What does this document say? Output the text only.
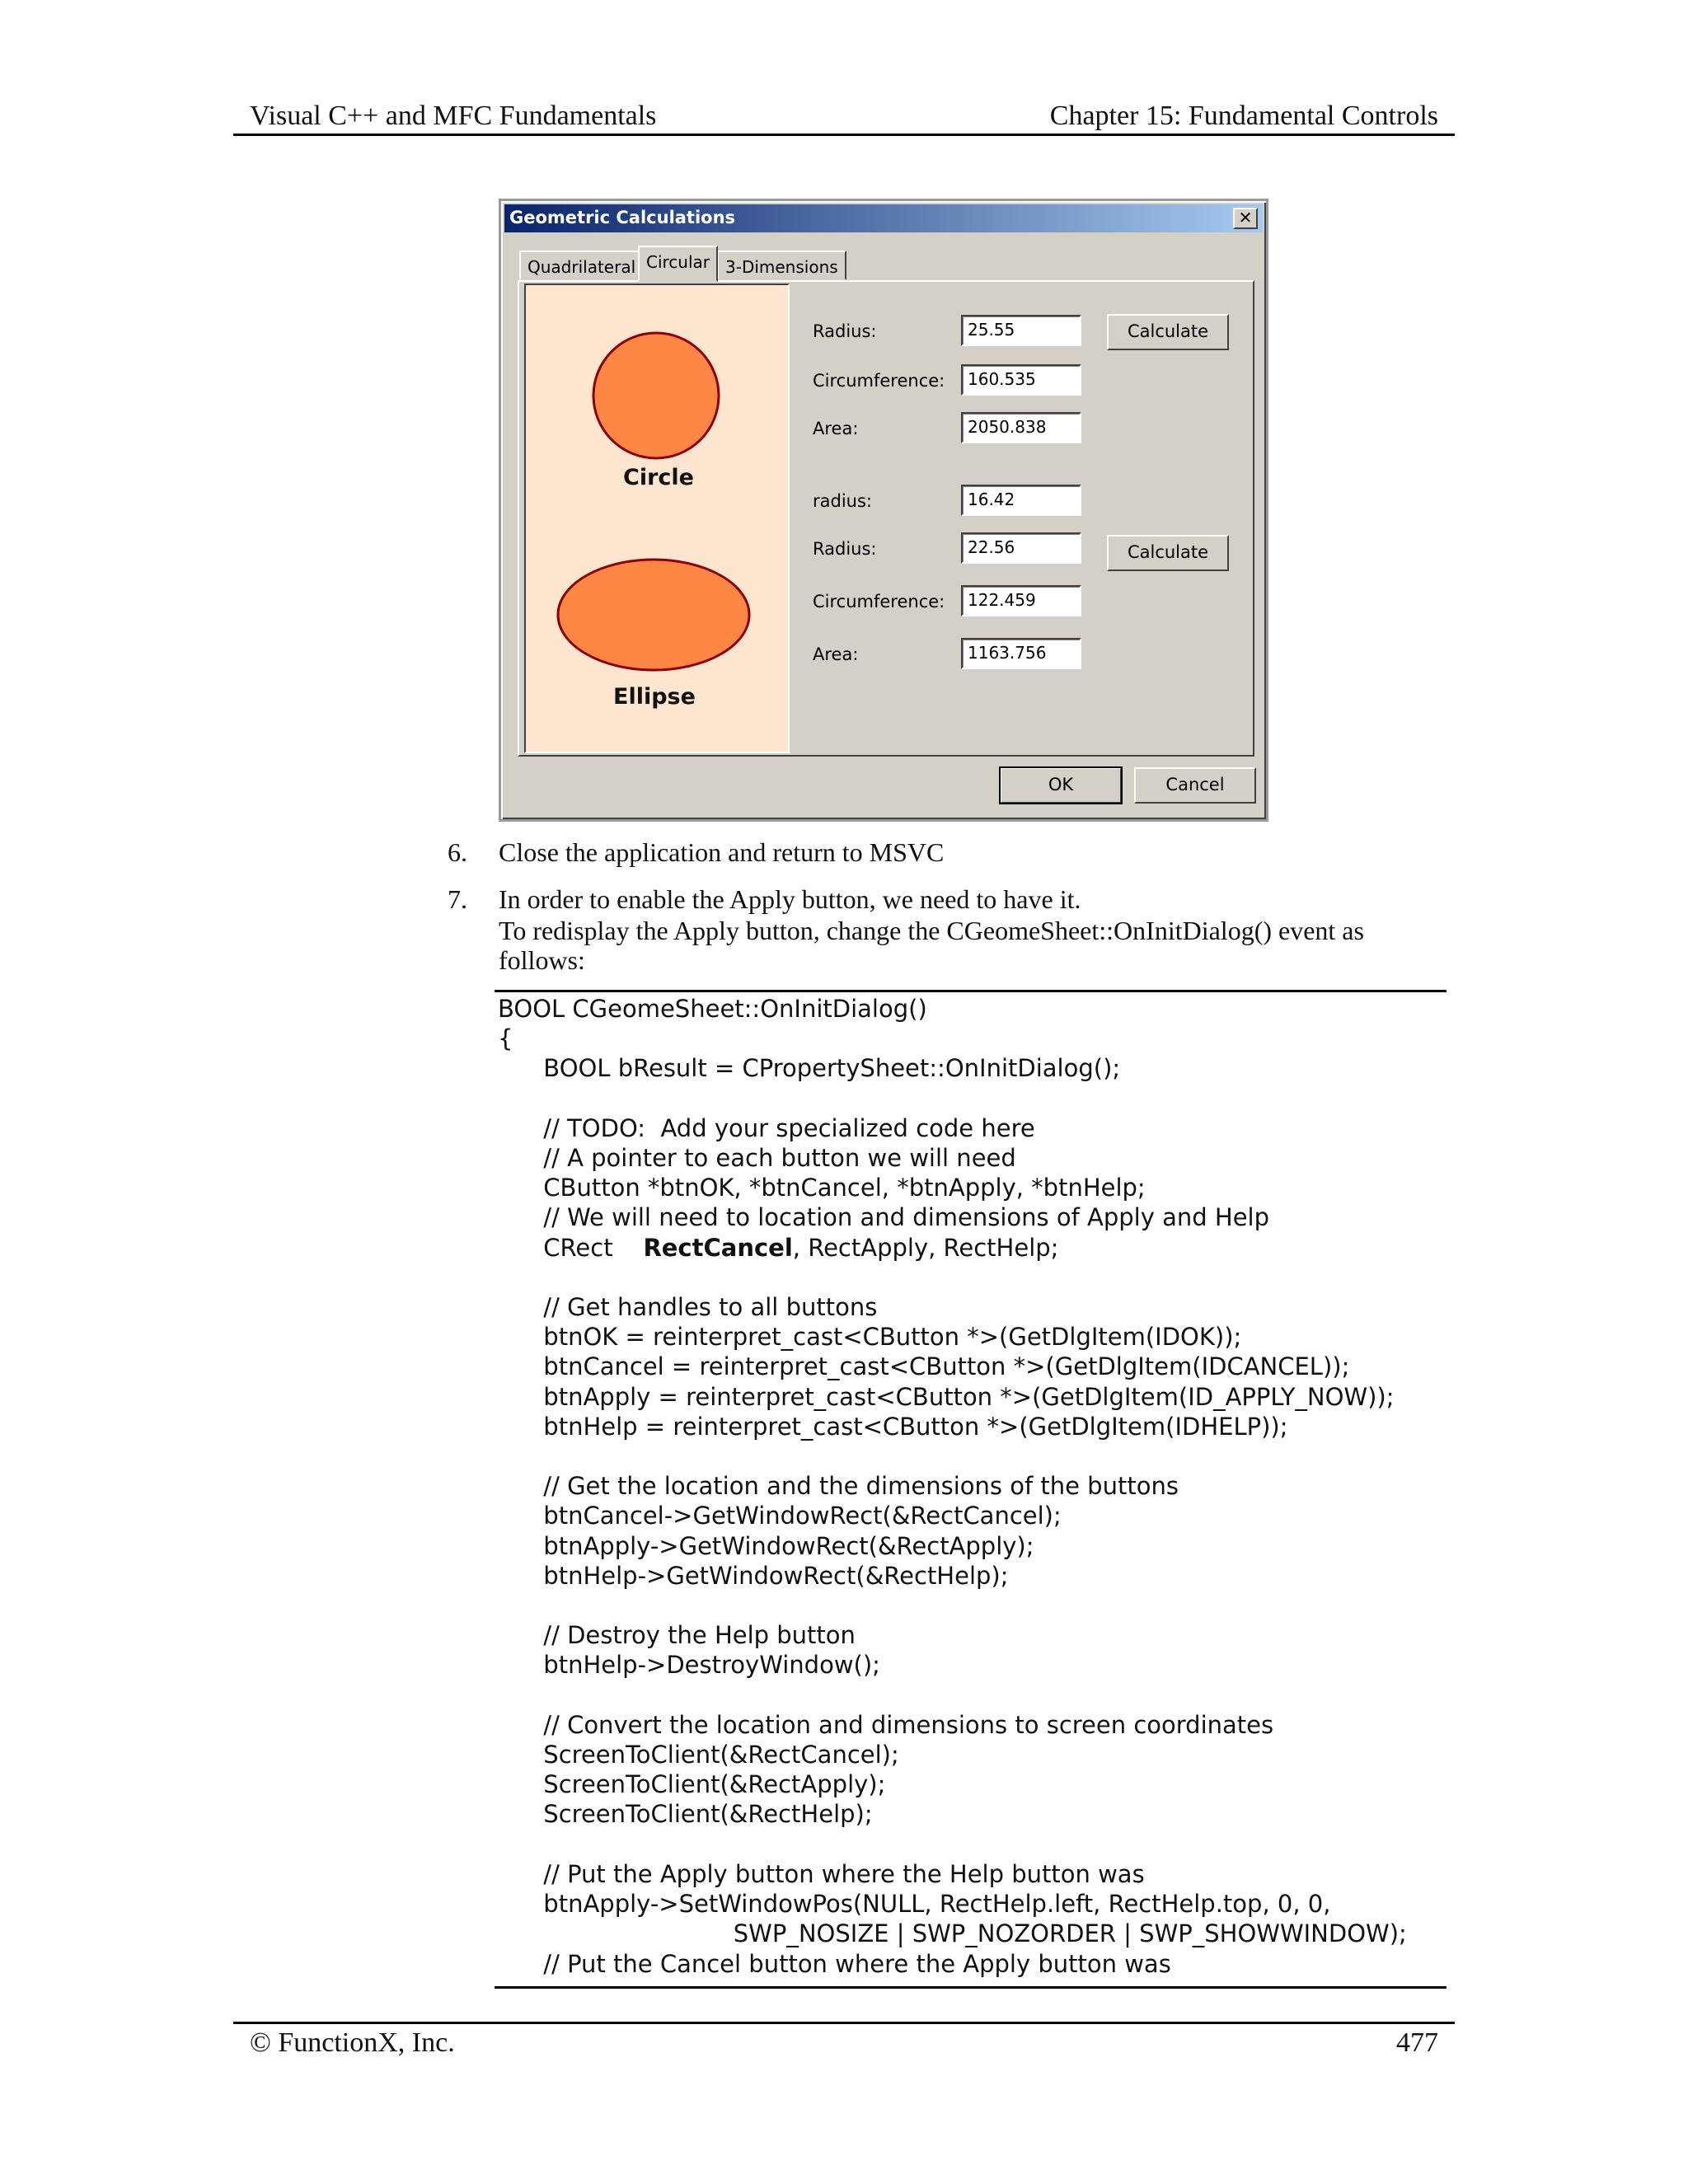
Visual C++ and MFC Fundamentals	Chapter 15: Fundamental Controls
Geometric Calculations	✕
Quadrilateral Circular 3-Dimensions
Circle
Ellipse
Radius:	25.55	Calculate
Circumference:	160.535
Area:	2050.838
radius:	16.42
Radius:	22.56	Calculate
Circumference:	122.459
Area:	1163.756
OK	Cancel
6. Close the application and return to MSVC
7. In order to enable the Apply button, we need to have it.
To redisplay the Apply button, change the CGeomeSheet::OnInitDialog() event as follows:
BOOL CGeomeSheet::OnInitDialog()
{
BOOL bResult = CPropertySheet::OnInitDialog();

// TODO:  Add your specialized code here
// A pointer to each button we will need
CButton *btnOK, *btnCancel, *btnApply, *btnHelp;
// We will need to location and dimensions of Apply and Help
CRect    RectCancel, RectApply, RectHelp;

// Get handles to all buttons
btnOK = reinterpret_cast<CButton *>(GetDlgItem(IDOK));
btnCancel = reinterpret_cast<CButton *>(GetDlgItem(IDCANCEL));
btnApply = reinterpret_cast<CButton *>(GetDlgItem(ID_APPLY_NOW));
btnHelp = reinterpret_cast<CButton *>(GetDlgItem(IDHELP));

// Get the location and the dimensions of the buttons
btnCancel->GetWindowRect(&RectCancel);
btnApply->GetWindowRect(&RectApply);
btnHelp->GetWindowRect(&RectHelp);

// Destroy the Help button
btnHelp->DestroyWindow();

// Convert the location and dimensions to screen coordinates
ScreenToClient(&RectCancel);
ScreenToClient(&RectApply);
ScreenToClient(&RectHelp);

// Put the Apply button where the Help button was
btnApply->SetWindowPos(NULL, RectHelp.left, RectHelp.top, 0, 0,
SWP_NOSIZE | SWP_NOZORDER | SWP_SHOWWINDOW);
// Put the Cancel button where the Apply button was
© FunctionX, Inc.	477
